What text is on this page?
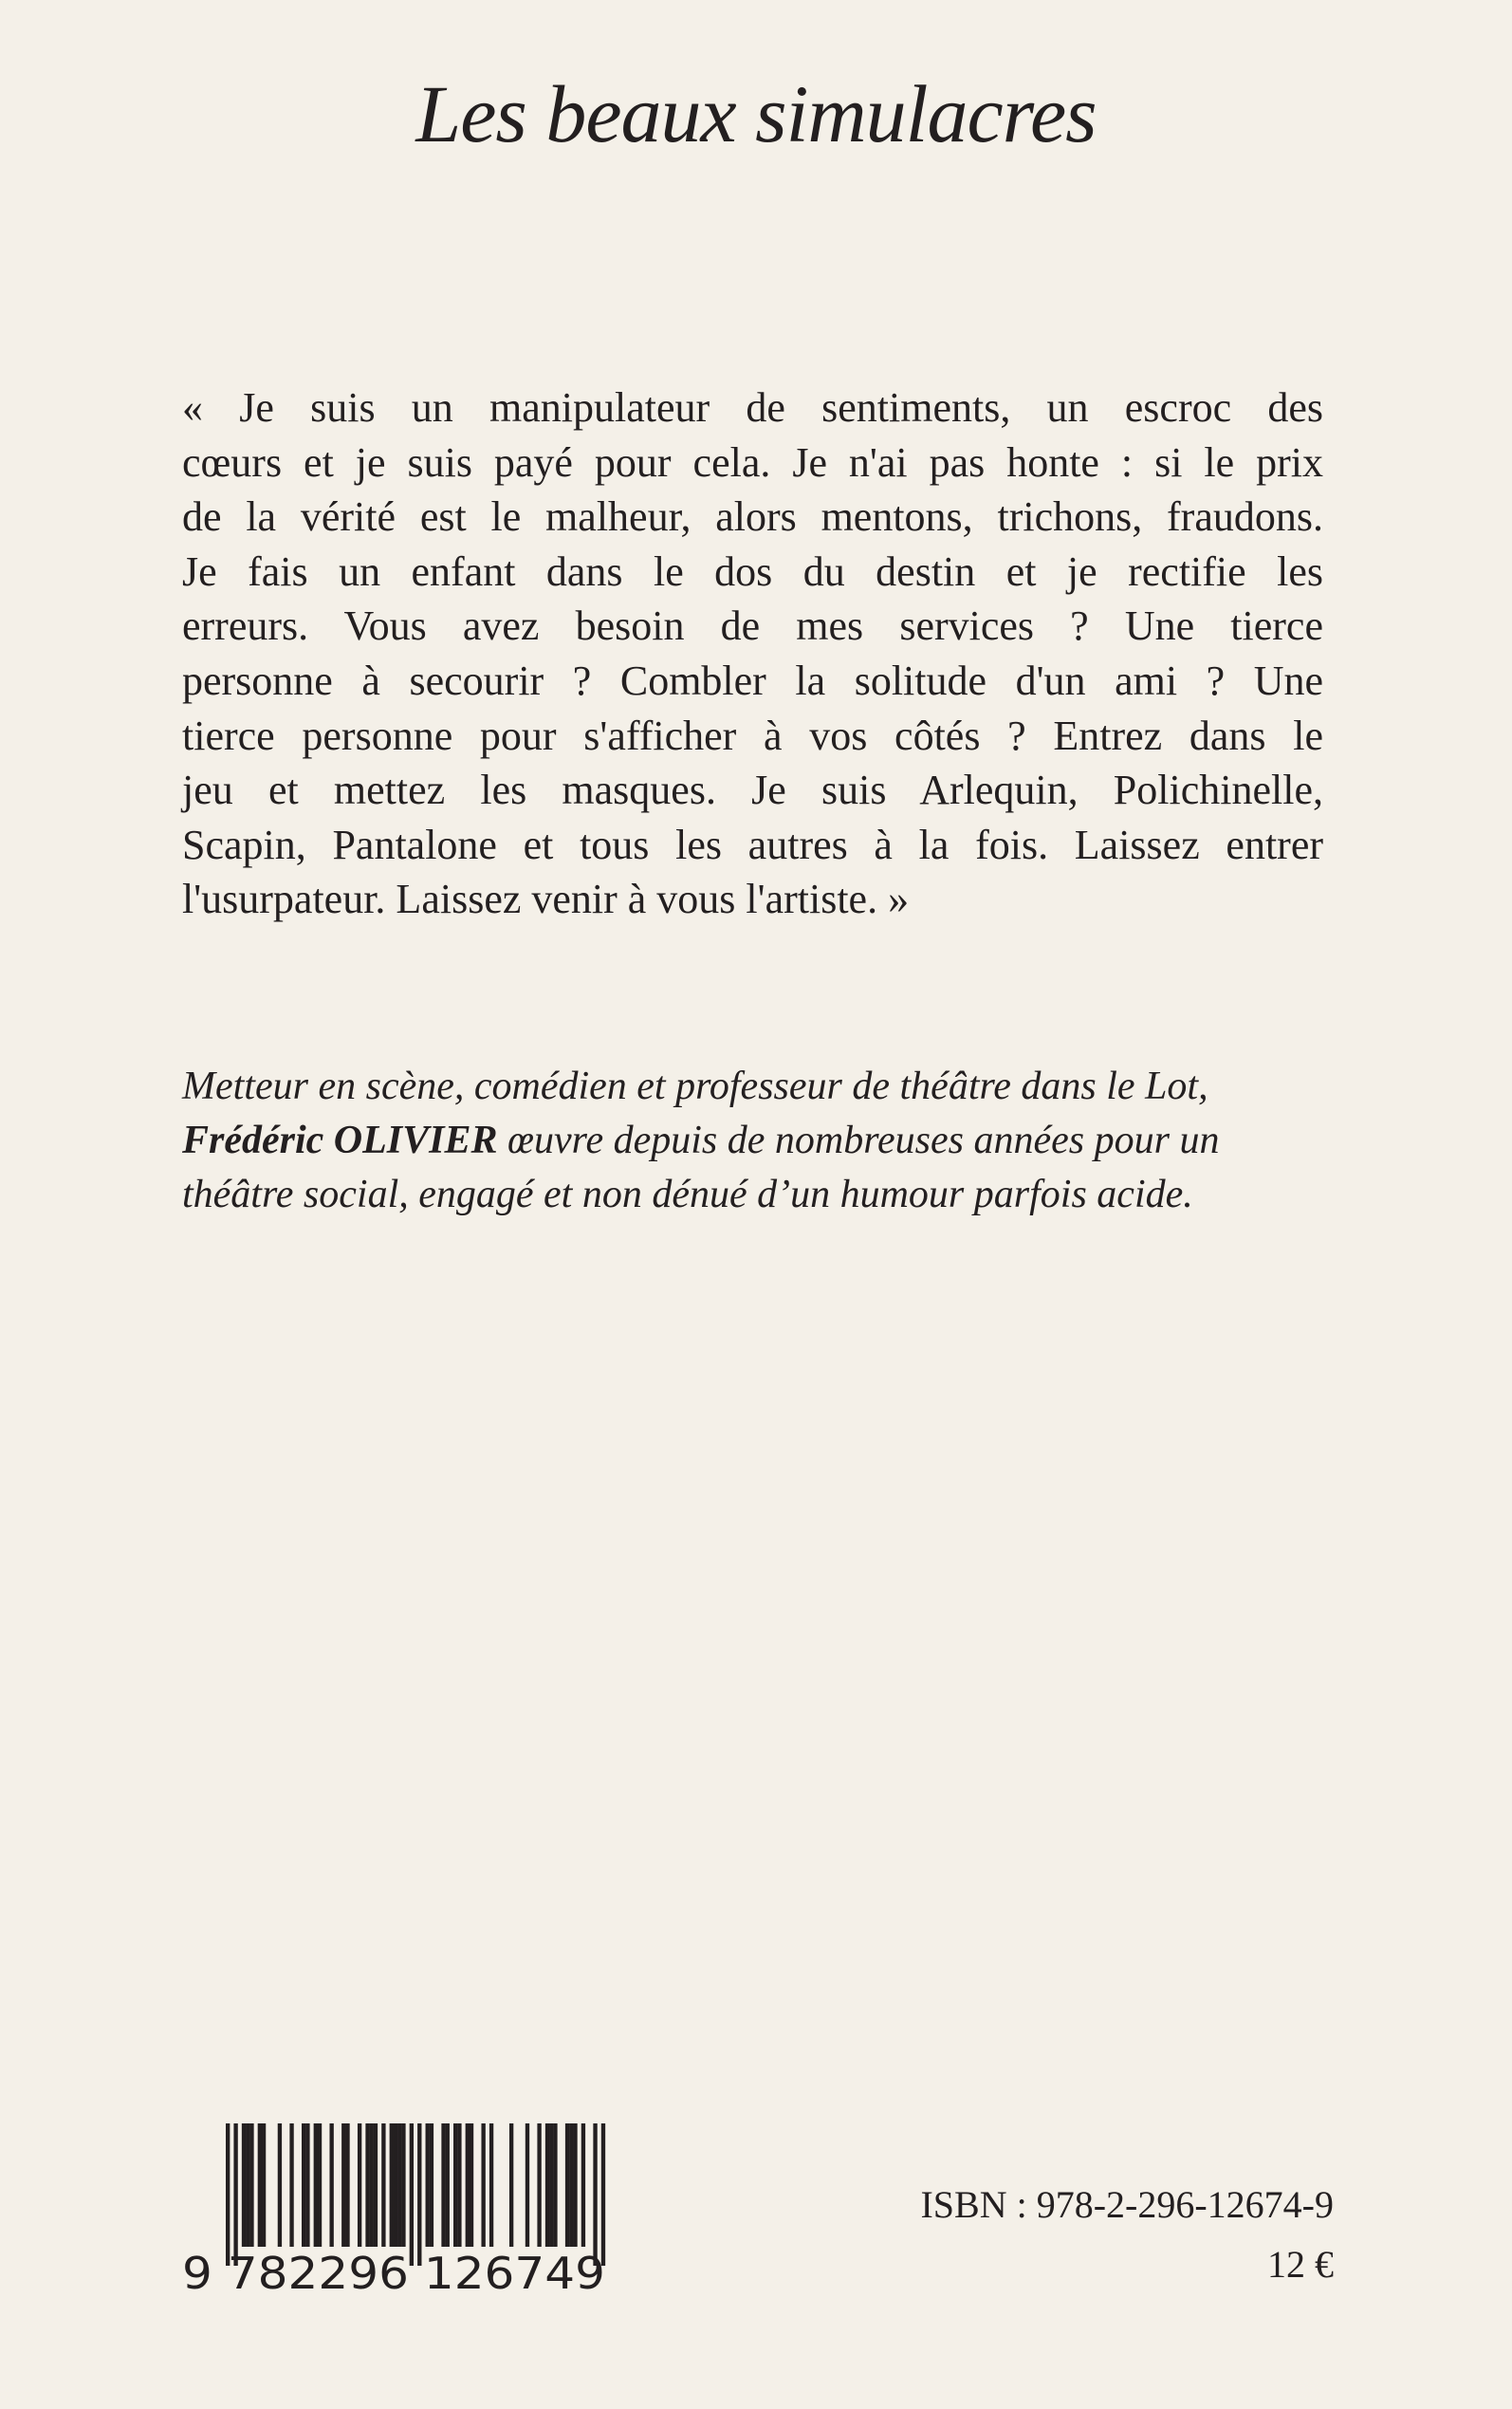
Les beaux simulacres
« Je suis un manipulateur de sentiments, un escroc des
cœurs et je suis payé pour cela. Je n'ai pas honte : si le prix
de la vérité est le malheur, alors mentons, trichons, fraudons.
Je fais un enfant dans le dos du destin et je rectifie les
erreurs. Vous avez besoin de mes services ? Une tierce
personne à secourir ? Combler la solitude d'un ami ? Une
tierce personne pour s'afficher à vos côtés ? Entrez dans le
jeu et mettez les masques. Je suis Arlequin, Polichinelle,
Scapin, Pantalone et tous les autres à la fois. Laissez entrer
l'usurpateur. Laissez venir à vous l'artiste. »
Metteur en scène, comédien et professeur de théâtre dans le Lot,
Frédéric OLIVIER œuvre depuis de nombreuses années pour un
théâtre social, engagé et non dénué d’un humour parfois acide.
9 782296 126749
ISBN : 978-2-296-12674-9
12 €
